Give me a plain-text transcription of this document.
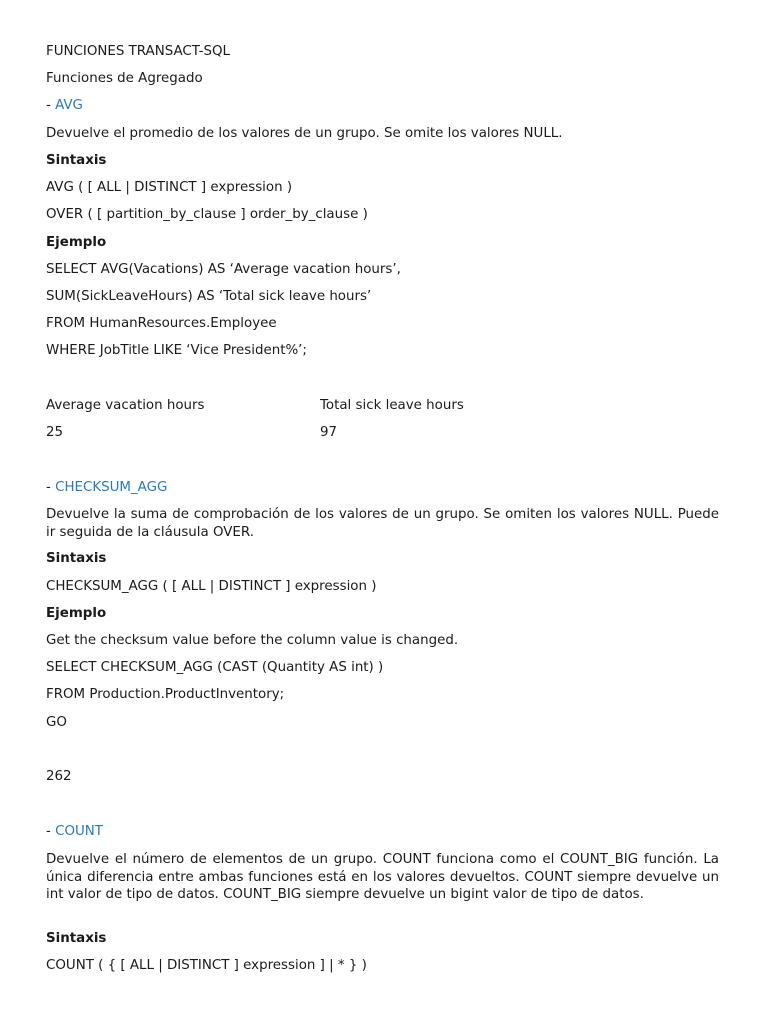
FUNCIONES TRANSACT-SQL
Funciones de Agregado
- AVG
Devuelve el promedio de los valores de un grupo. Se omite los valores NULL.
Sintaxis
AVG ( [ ALL | DISTINCT ] expression )
OVER ( [ partition_by_clause ] order_by_clause )
Ejemplo
SELECT AVG(Vacations) AS ‘Average vacation hours’,
SUM(SickLeaveHours) AS ‘Total sick leave hours’
FROM HumanResources.Employee
WHERE JobTitle LIKE ‘Vice President%’;
Average vacation hours	Total sick leave hours
25	97
- CHECKSUM_AGG
Devuelve la suma de comprobación de los valores de un grupo. Se omiten los valores NULL. Puede ir seguida de la cláusula OVER.
Sintaxis
CHECKSUM_AGG ( [ ALL | DISTINCT ] expression )
Ejemplo
Get the checksum value before the column value is changed.
SELECT CHECKSUM_AGG (CAST (Quantity AS int) )
FROM Production.ProductInventory;
GO
262
- COUNT
Devuelve el número de elementos de un grupo. COUNT funciona como el COUNT_BIG función. La única diferencia entre ambas funciones está en los valores devueltos. COUNT siempre devuelve un int valor de tipo de datos. COUNT_BIG siempre devuelve un bigint valor de tipo de datos.
Sintaxis
COUNT ( { [ ALL | DISTINCT ] expression ] | * } )
